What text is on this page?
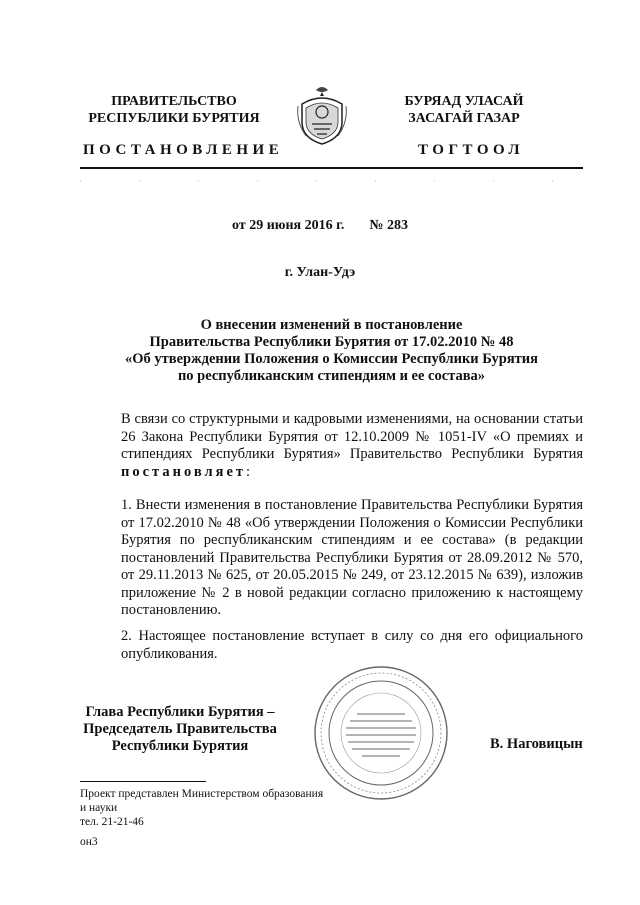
ПРАВИТЕЛЬСТВО
РЕСПУБЛИКИ БУРЯТИЯ
БУРЯАД УЛАСАЙ
ЗАСАГАЙ ГАЗАР
ПОСТАНОВЛЕНИЕ	ТОГТООЛ
от 29 июня 2016 г. № 283
г. Улан-Удэ
О внесении изменений в постановление
Правительства Республики Бурятия от 17.02.2010 № 48
«Об утверждении Положения о Комиссии Республики Бурятия
по республиканским стипендиям и ее состава»
В связи со структурными и кадровыми изменениями, на основании статьи 26 Закона Республики Бурятия от 12.10.2009 № 1051-IV «О премиях и стипендиях Республики Бурятия» Правительство Республики Бурятия постановляет:
1. Внести изменения в постановление Правительства Республики Бурятия от 17.02.2010 № 48 «Об утверждении Положения о Комиссии Республики Бурятия по республиканским стипендиям и ее состава» (в редакции постановлений Правительства Республики Бурятия от 28.09.2012 № 570, от 29.11.2013 № 625, от 20.05.2015 № 249, от 23.12.2015 № 639), изложив приложение № 2 в новой редакции согласно приложению к настоящему постановлению.
2. Настоящее постановление вступает в силу со дня его официального опубликования.
Глава Республики Бурятия –
Председатель Правительства
Республики Бурятия	В. Наговицын
Проект представлен Министерством образования
и науки
тел. 21-21-46
он3
